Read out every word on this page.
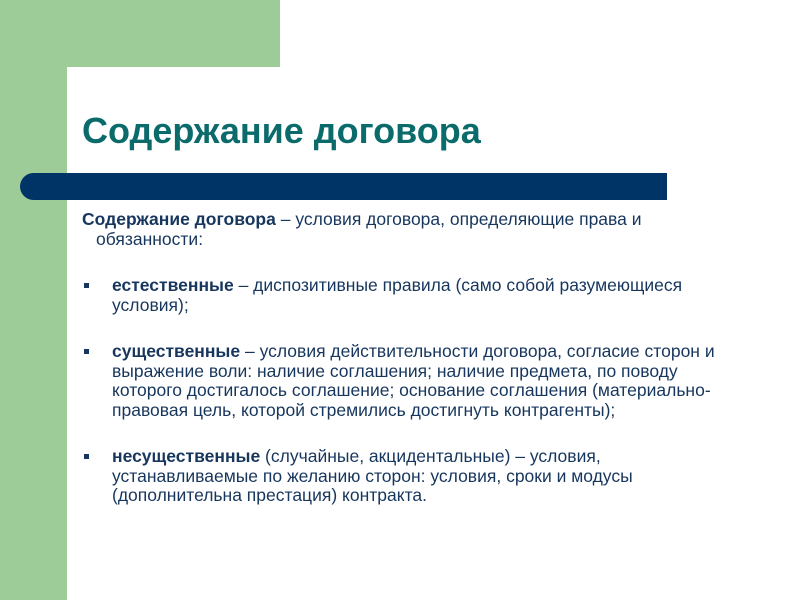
Содержание договора

Содержание договора – условия договора, определяющие права и обязанности:

естественные – диспозитивные правила (само собой разумеющиеся условия);
существенные – условия действительности договора, согласие сторон и выражение воли: наличие соглашения; наличие предмета, по поводу которого достигалось соглашение; основание соглашения (материально-правовая цель, которой стремились достигнуть контрагенты);
несущественные (случайные, акцидентальные) – условия, устанавливаемые по желанию сторон: условия, сроки и модусы (дополнительна престация) контракта.
